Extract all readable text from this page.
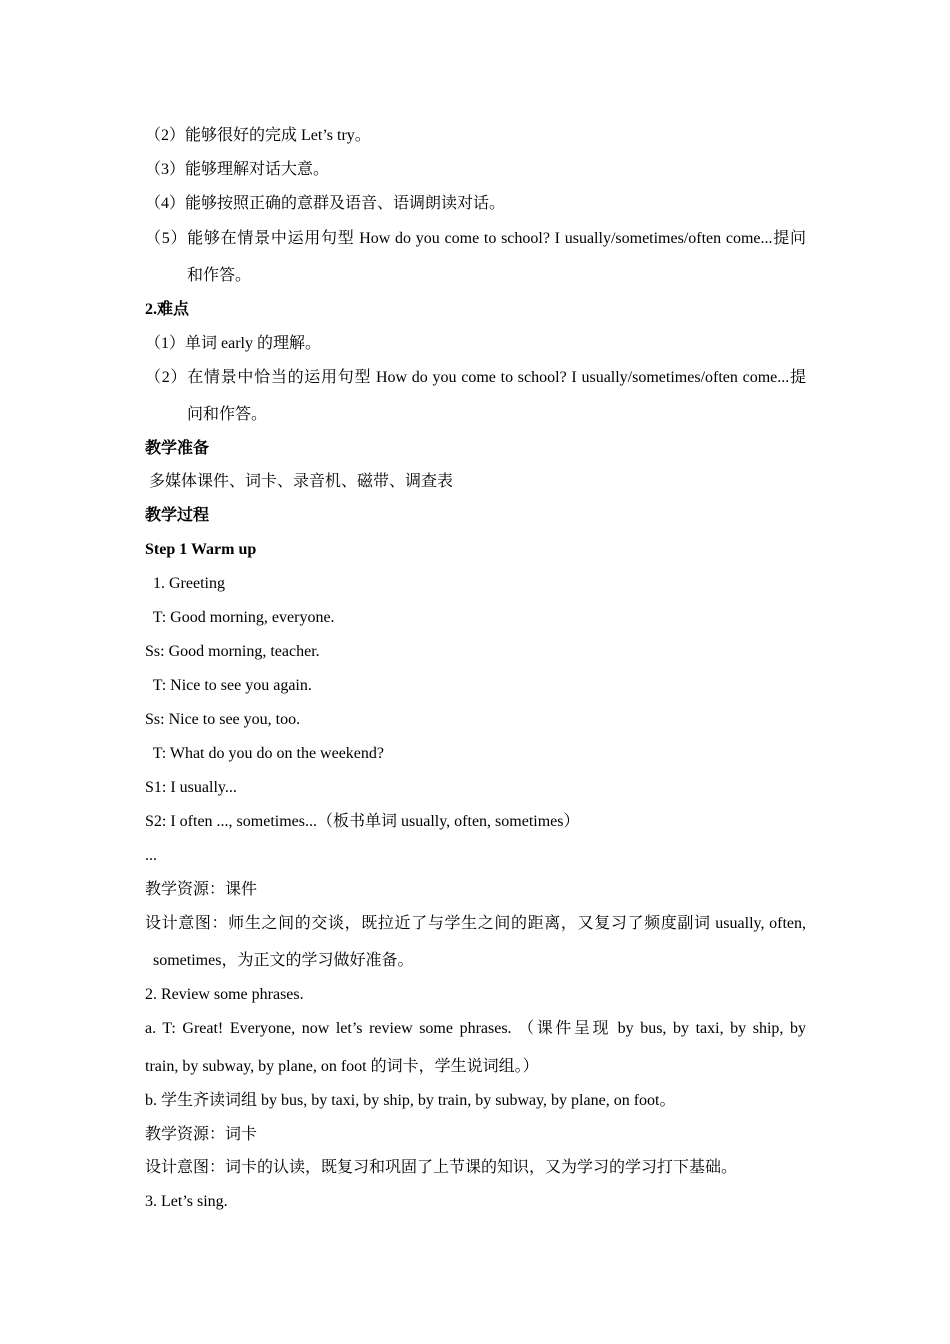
（2）能够很好的完成 Let’s try。
（3）能够理解对话大意。
（4）能够按照正确的意群及语音、语调朗读对话。
（5）能够在情景中运用句型 How do you come to school? I usually/sometimes/often come...提问
和作答。
2.难点
（1）单词 early 的理解。
（2）在情景中恰当的运用句型 How do you come to school? I usually/sometimes/often come...提
问和作答。
教学准备
多媒体课件、词卡、录音机、磁带、调查表
教学过程
Step 1 Warm up
1. Greeting
T: Good morning, everyone.
Ss: Good morning, teacher.
T: Nice to see you again.
Ss: Nice to see you, too.
T: What do you do on the weekend?
S1: I usually...
S2: I often ..., sometimes...（板书单词 usually, often, sometimes）
...
教学资源：课件
设计意图：师生之间的交谈，既拉近了与学生之间的距离，又复习了频度副词 usually, often,
sometimes，为正文的学习做好准备。
2. Review some phrases.
a. T: Great! Everyone, now let’s review some phrases. （课件呈现 by bus, by taxi, by ship, by
train, by subway, by plane, on foot 的词卡，学生说词组。）
b. 学生齐读词组 by bus, by taxi, by ship, by train, by subway, by plane, on foot。
教学资源：词卡
设计意图：词卡的认读，既复习和巩固了上节课的知识，又为学习的学习打下基础。
3. Let’s sing.
